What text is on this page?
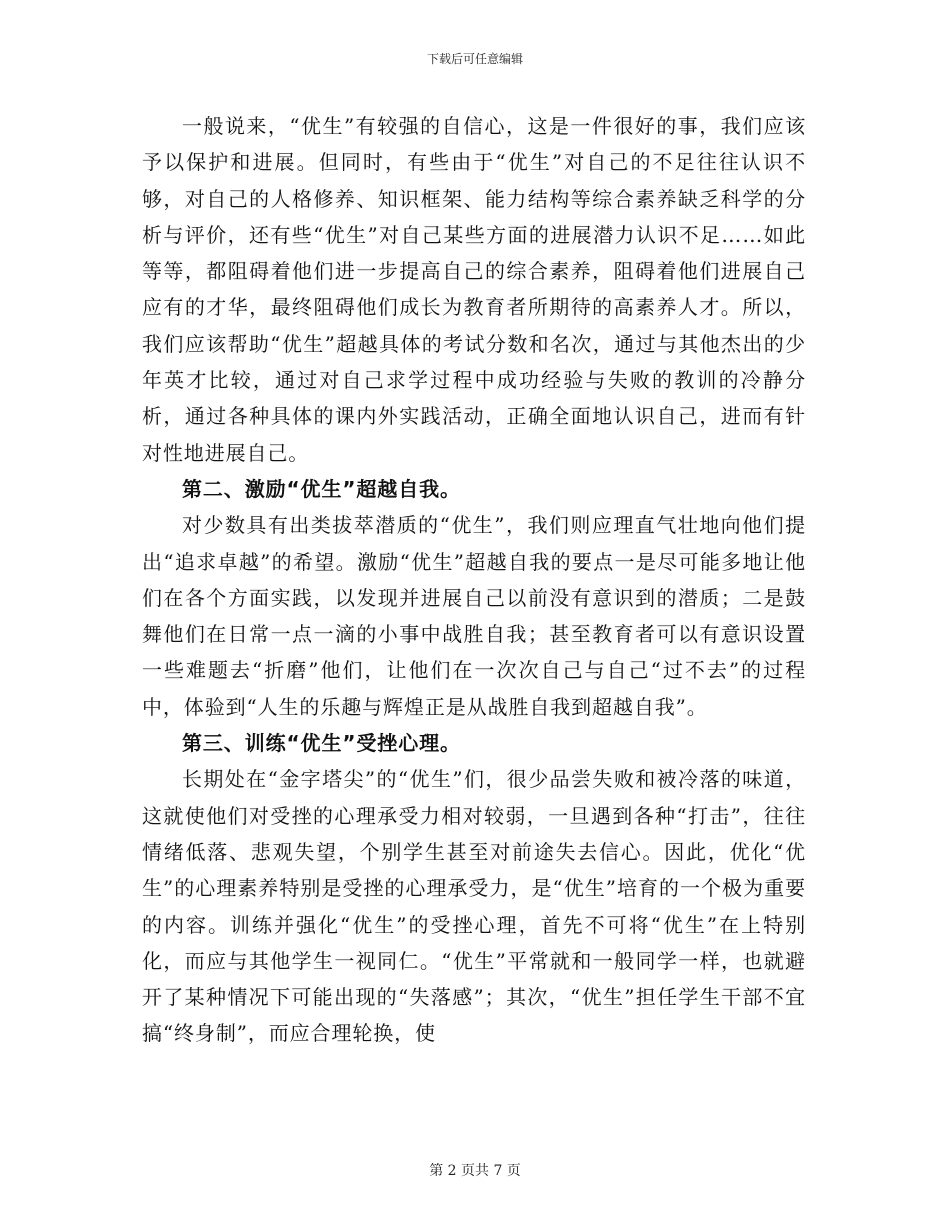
下载后可任意编辑

一般说来，“优生”有较强的自信心，这是一件很好的事，我们应该予以保护和进展。但同时，有些由于“优生”对自己的不足往往认识不够，对自己的人格修养、知识框架、能力结构等综合素养缺乏科学的分析与评价，还有些“优生”对自己某些方面的进展潜力认识不足……如此等等，都阻碍着他们进一步提高自己的综合素养，阻碍着他们进展自己应有的才华，最终阻碍他们成长为教育者所期待的高素养人才。所以，我们应该帮助“优生”超越具体的考试分数和名次，通过与其他杰出的少年英才比较，通过对自己求学过程中成功经验与失败的教训的冷静分析，通过各种具体的课内外实践活动，正确全面地认识自己，进而有针对性地进展自己。

第二、激励“优生”超越自我。

对少数具有出类拔萃潜质的“优生”，我们则应理直气壮地向他们提出“追求卓越”的希望。激励“优生”超越自我的要点一是尽可能多地让他们在各个方面实践，以发现并进展自己以前没有意识到的潜质；二是鼓舞他们在日常一点一滴的小事中战胜自我；甚至教育者可以有意识设置一些难题去“折磨”他们，让他们在一次次自己与自己“过不去”的过程中，体验到“人生的乐趣与辉煌正是从战胜自我到超越自我”。

第三、训练“优生”受挫心理。

长期处在“金字塔尖”的“优生”们，很少品尝失败和被冷落的味道，这就使他们对受挫的心理承受力相对较弱，一旦遇到各种“打击”，往往情绪低落、悲观失望，个别学生甚至对前途失去信心。因此，优化“优生”的心理素养特别是受挫的心理承受力，是“优生”培育的一个极为重要的内容。训练并强化“优生”的受挫心理，首先不可将“优生”在上特别化，而应与其他学生一视同仁。“优生”平常就和一般同学一样，也就避开了某种情况下可能出现的“失落感”；其次，“优生”担任学生干部不宜搞“终身制”，而应合理轮换，使

第 2 页共 7 页
